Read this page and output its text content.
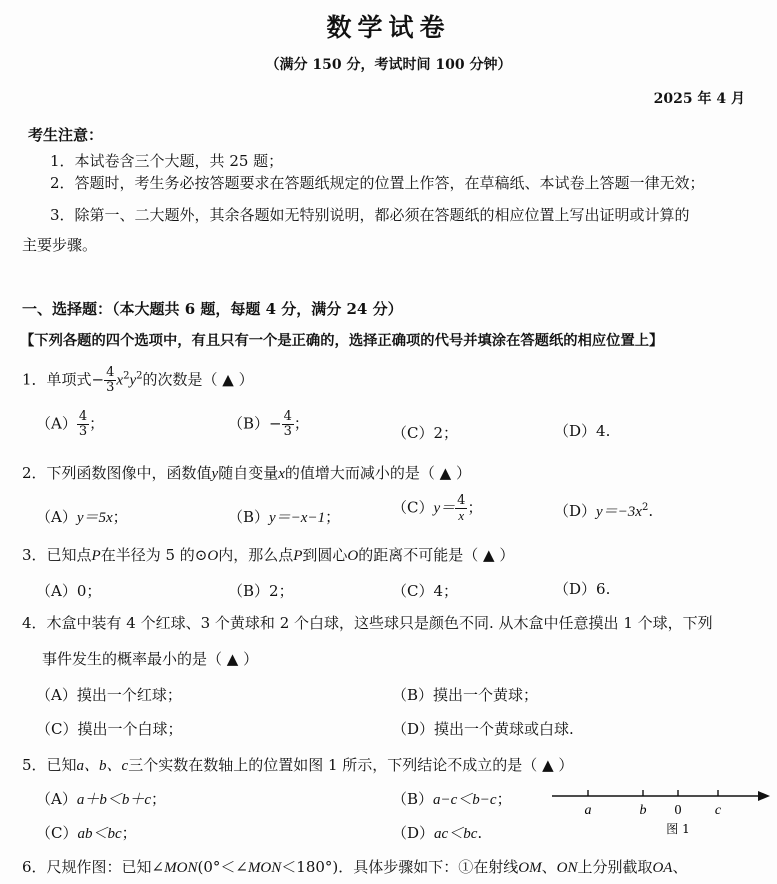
数学试卷
（满分 150 分，考试时间 100 分钟）
2025 年 4 月
考生注意：
1．本试卷含三个大题，共 25 题；
2．答题时，考生务必按答题要求在答题纸规定的位置上作答，在草稿纸、本试卷上答题一律无效；
3．除第一、二大题外，其余各题如无特别说明，都必须在答题纸的相应位置上写出证明或计算的
主要步骤。
一、选择题：（本大题共 6 题，每题 4 分，满分 24 分）
【下列各题的四个选项中，有且只有一个是正确的，选择正确项的代号并填涂在答题纸的相应位置上】
1．单项式− $\frac{4}{3} x^2y^2$的次数是（ ▲ ）
$(A) \frac{4}{3}$ ；	$(B)- \frac{4}{3}$ ；
（C）2；	（D）4.
2．下列函数图像中，函数值y随自变量x的值增大而减小的是（ ▲ ）
（A）y＝5x；	（B）y＝−x−1；
$(C)y= \frac{4}{x}$ ；	$(D)y=-3x^2$.
3．已知点P在半径为 5 的⊙O内，那么点P到圆心O的距离不可能是（ ▲ ）
（A）0；	（B）2；	（C）4；	（D）6.
4．木盒中装有 4 个红球、3 个黄球和 2 个白球，这些球只是颜色不同. 从木盒中任意摸出 1 个球，下列
事件发生的概率最小的是（ ▲ ）
（A）摸出一个红球；	（B）摸出一个黄球；
（C）摸出一个白球；	（D）摸出一个黄球或白球.
5．已知a、b、c三个实数在数轴上的位置如图 1 所示，下列结论不成立的是（ ▲ ）
（A）a＋b＜b＋c；	（B）a−c＜b−c；
（C）ab＜bc；	（D）ac＜bc.
a	b 0 c
图 1
6．尺规作图：已知∠MON(0°＜∠MON＜180°)．具体步骤如下：①在射线OM、ON上分别截取OA、
